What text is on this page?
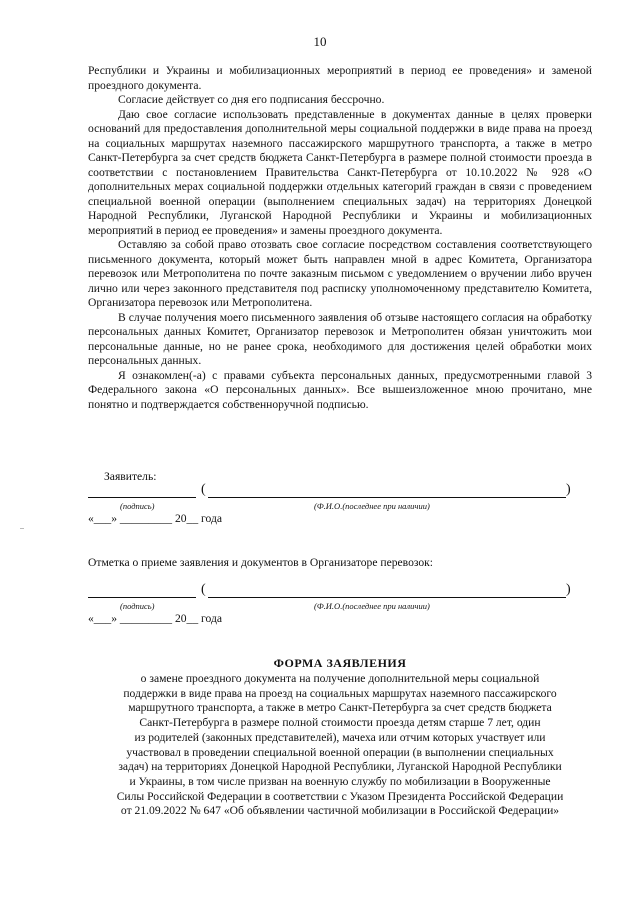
10

Республики и Украины и мобилизационных мероприятий в период ее проведения» и заменой проездного документа.

Согласие действует со дня его подписания бессрочно.

Даю свое согласие использовать представленные в документах данные в целях проверки оснований для предоставления дополнительной меры социальной поддержки в виде права на проезд на социальных маршрутах наземного пассажирского маршрутного транспорта, а также в метро Санкт-Петербурга за счет средств бюджета Санкт-Петербурга в размере полной стоимости проезда в соответствии с постановлением Правительства Санкт-Петербурга от 10.10.2022 № 928 «О дополнительных мерах социальной поддержки отдельных категорий граждан в связи с проведением специальной военной операции (выполнением специальных задач) на территориях Донецкой Народной Республики, Луганской Народной Республики и Украины и мобилизационных мероприятий в период ее проведения» и замены проездного документа.

Оставляю за собой право отозвать свое согласие посредством составления соответствующего письменного документа, который может быть направлен мной в адрес Комитета, Организатора перевозок или Метрополитена по почте заказным письмом с уведомлением о вручении либо вручен лично или через законного представителя под расписку уполномоченному представителю Комитета, Организатора перевозок или Метрополитена.

В случае получения моего письменного заявления об отзыве настоящего согласия на обработку персональных данных Комитет, Организатор перевозок и Метрополитен обязан уничтожить мои персональные данные, но не ранее срока, необходимого для достижения целей обработки моих персональных данных.

Я ознакомлен(-а) с правами субъекта персональных данных, предусмотренными главой 3 Федерального закона «О персональных данных». Все вышеизложенное мною прочитано, мне понятно и подтверждается собственноручной подписью.

Заявитель:
(	)
(подпись)	(Ф.И.О.(последнее при наличии)
«___» _________ 20__ года
Отметка о приеме заявления и документов в Организаторе перевозок:
(	)
(подпись)	(Ф.И.О.(последнее при наличии)
«___» _________ 20__ года
ФОРМА ЗАЯВЛЕНИЯ
о замене проездного документа на получение дополнительной меры социальной
поддержки в виде права на проезд на социальных маршрутах наземного пассажирского
маршрутного транспорта, а также в метро Санкт-Петербурга за счет средств бюджета
Санкт-Петербурга в размере полной стоимости проезда детям старше 7 лет, один
из родителей (законных представителей), мачеха или отчим которых участвует или
участвовал в проведении специальной военной операции (в выполнении специальных
задач) на территориях Донецкой Народной Республики, Луганской Народной Республики
и Украины, в том числе призван на военную службу по мобилизации в Вооруженные
Силы Российской Федерации в соответствии с Указом Президента Российской Федерации
от 21.09.2022 № 647 «Об объявлении частичной мобилизации в Российской Федерации»
